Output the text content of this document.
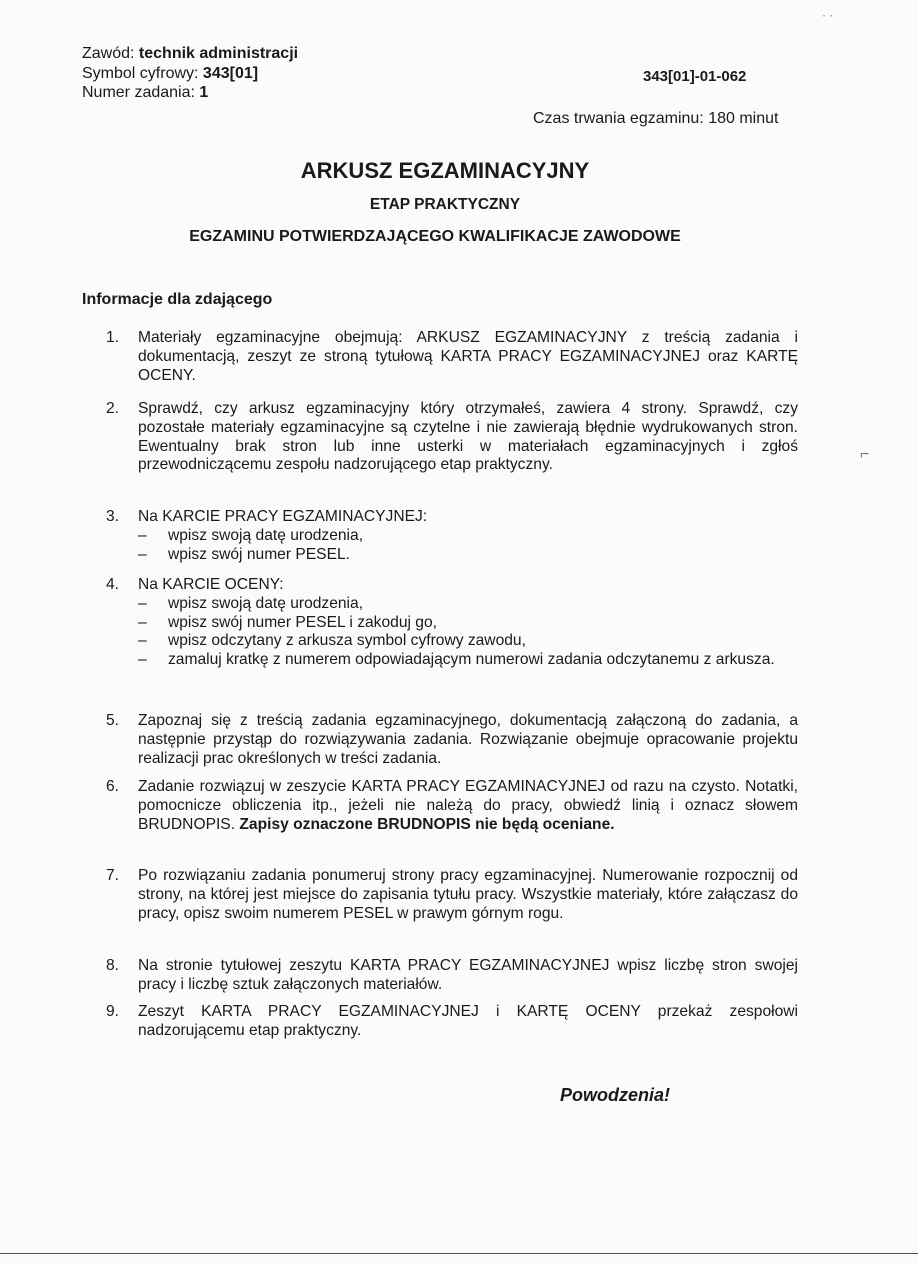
Zawód: technik administracji
Symbol cyfrowy: 343[01]
Numer zadania: 1
343[01]-01-062
Czas trwania egzaminu: 180 minut
ARKUSZ EGZAMINACYJNY
ETAP PRAKTYCZNY
EGZAMINU POTWIERDZAJĄCEGO KWALIFIKACJE ZAWODOWE
Informacje dla zdającego
1. Materiały egzaminacyjne obejmują: ARKUSZ EGZAMINACYJNY z treścią zadania i dokumentacją, zeszyt ze stroną tytułową KARTA PRACY EGZAMINACYJNEJ oraz KARTĘ OCENY.
2. Sprawdź, czy arkusz egzaminacyjny który otrzymałeś, zawiera 4 strony. Sprawdź, czy pozostałe materiały egzaminacyjne są czytelne i nie zawierają błędnie wydrukowanych stron. Ewentualny brak stron lub inne usterki w materiałach egzaminacyjnych i zgłoś przewodniczącemu zespołu nadzorującego etap praktyczny.
3. Na KARCIE PRACY EGZAMINACYJNEJ:
– wpisz swoją datę urodzenia,
– wpisz swój numer PESEL.
4. Na KARCIE OCENY:
– wpisz swoją datę urodzenia,
– wpisz swój numer PESEL i zakoduj go,
– wpisz odczytany z arkusza symbol cyfrowy zawodu,
– zamaluj kratkę z numerem odpowiadającym numerowi zadania odczytanemu z arkusza.
5. Zapoznaj się z treścią zadania egzaminacyjnego, dokumentacją załączoną do zadania, a następnie przystąp do rozwiązywania zadania. Rozwiązanie obejmuje opracowanie projektu realizacji prac określonych w treści zadania.
6. Zadanie rozwiązuj w zeszycie KARTA PRACY EGZAMINACYJNEJ od razu na czysto. Notatki, pomocnicze obliczenia itp., jeżeli nie należą do pracy, obwiedź linią i oznacz słowem BRUDNOPIS. Zapisy oznaczone BRUDNOPIS nie będą oceniane.
7. Po rozwiązaniu zadania ponumeruj strony pracy egzaminacyjnej. Numerowanie rozpocznij od strony, na której jest miejsce do zapisania tytułu pracy. Wszystkie materiały, które załączasz do pracy, opisz swoim numerem PESEL w prawym górnym rogu.
8. Na stronie tytułowej zeszytu KARTA PRACY EGZAMINACYJNEJ wpisz liczbę stron swojej pracy i liczbę sztuk załączonych materiałów.
9. Zeszyt KARTA PRACY EGZAMINACYJNEJ i KARTĘ OCENY przekaż zespołowi nadzorującemu etap praktyczny.
Powodzenia!
⌐
· ·
